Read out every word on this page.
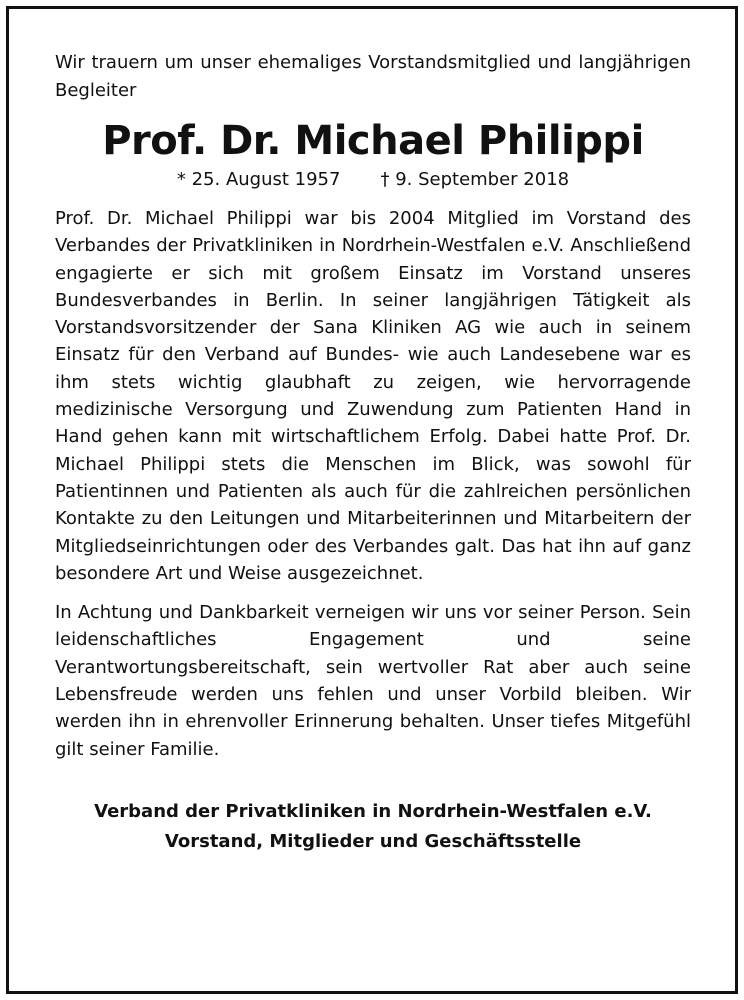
Wir trauern um unser ehemaliges Vorstandsmitglied und langjährigen Begleiter

Prof. Dr. Michael Philippi
* 25. August 1957 † 9. September 2018

Prof. Dr. Michael Philippi war bis 2004 Mitglied im Vorstand des Verbandes der Privatkliniken in Nordrhein-Westfalen e.V. Anschließend engagierte er sich mit großem Einsatz im Vorstand unseres Bundesverbandes in Berlin. In seiner langjährigen Tätigkeit als Vorstandsvorsitzender der Sana Kliniken AG wie auch in seinem Einsatz für den Verband auf Bundes- wie auch Landesebene war es ihm stets wichtig glaubhaft zu zeigen, wie hervorragende medizinische Versorgung und Zuwendung zum Patienten Hand in Hand gehen kann mit wirtschaftlichem Erfolg. Dabei hatte Prof. Dr. Michael Philippi stets die Menschen im Blick, was sowohl für Patientinnen und Patienten als auch für die zahlreichen persönlichen Kontakte zu den Leitungen und Mitarbeiterinnen und Mitarbeitern der Mitgliedseinrichtungen oder des Verbandes galt. Das hat ihn auf ganz besondere Art und Weise ausgezeichnet.

In Achtung und Dankbarkeit verneigen wir uns vor seiner Person. Sein leidenschaftliches Engagement und seine Verantwortungsbereitschaft, sein wertvoller Rat aber auch seine Lebensfreude werden uns fehlen und unser Vorbild bleiben. Wir werden ihn in ehrenvoller Erinnerung behalten. Unser tiefes Mitgefühl gilt seiner Familie.

Verband der Privatkliniken in Nordrhein-Westfalen e.V.
Vorstand, Mitglieder und Geschäftsstelle
